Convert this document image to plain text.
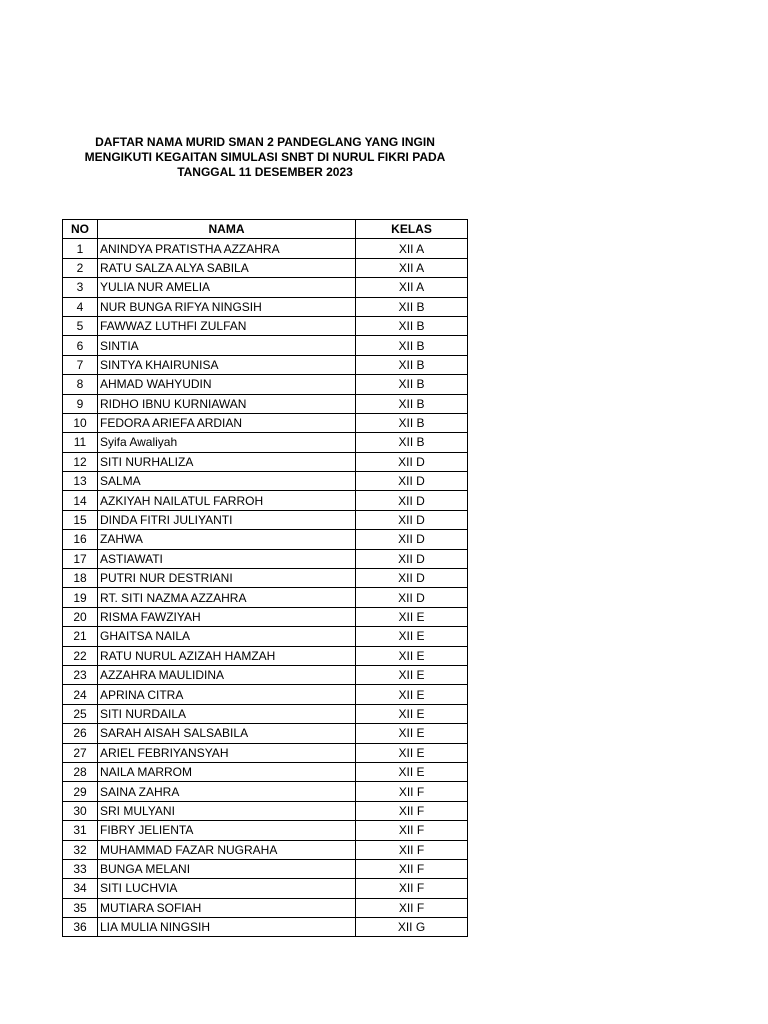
DAFTAR NAMA MURID SMAN 2 PANDEGLANG YANG INGIN
MENGIKUTI KEGAITAN SIMULASI SNBT DI NURUL FIKRI PADA
TANGGAL 11 DESEMBER 2023
NO	NAMA	KELAS
1	ANINDYA PRATISTHA AZZAHRA	XII A
2	RATU SALZA ALYA SABILA	XII A
3	YULIA NUR AMELIA	XII A
4	NUR BUNGA RIFYA NINGSIH	XII B
5	FAWWAZ LUTHFI ZULFAN	XII B
6	SINTIA	XII B
7	SINTYA KHAIRUNISA	XII B
8	AHMAD WAHYUDIN	XII B
9	RIDHO IBNU KURNIAWAN	XII B
10	FEDORA ARIEFA ARDIAN	XII B
11	Syifa Awaliyah	XII B
12	SITI NURHALIZA	XII D
13	SALMA	XII D
14	AZKIYAH NAILATUL FARROH	XII D
15	DINDA FITRI JULIYANTI	XII D
16	ZAHWA	XII D
17	ASTIAWATI	XII D
18	PUTRI NUR DESTRIANI	XII D
19	RT. SITI NAZMA AZZAHRA	XII D
20	RISMA FAWZIYAH	XII E
21	GHAITSA NAILA	XII E
22	RATU NURUL AZIZAH HAMZAH	XII E
23	AZZAHRA MAULIDINA	XII E
24	APRINA CITRA	XII E
25	SITI NURDAILA	XII E
26	SARAH AISAH SALSABILA	XII E
27	ARIEL FEBRIYANSYAH	XII E
28	NAILA MARROM	XII E
29	SAINA ZAHRA	XII F
30	SRI MULYANI	XII F
31	FIBRY JELIENTA	XII F
32	MUHAMMAD FAZAR NUGRAHA	XII F
33	BUNGA MELANI	XII F
34	SITI LUCHVIA	XII F
35	MUTIARA SOFIAH	XII F
36	LIA MULIA NINGSIH	XII G
